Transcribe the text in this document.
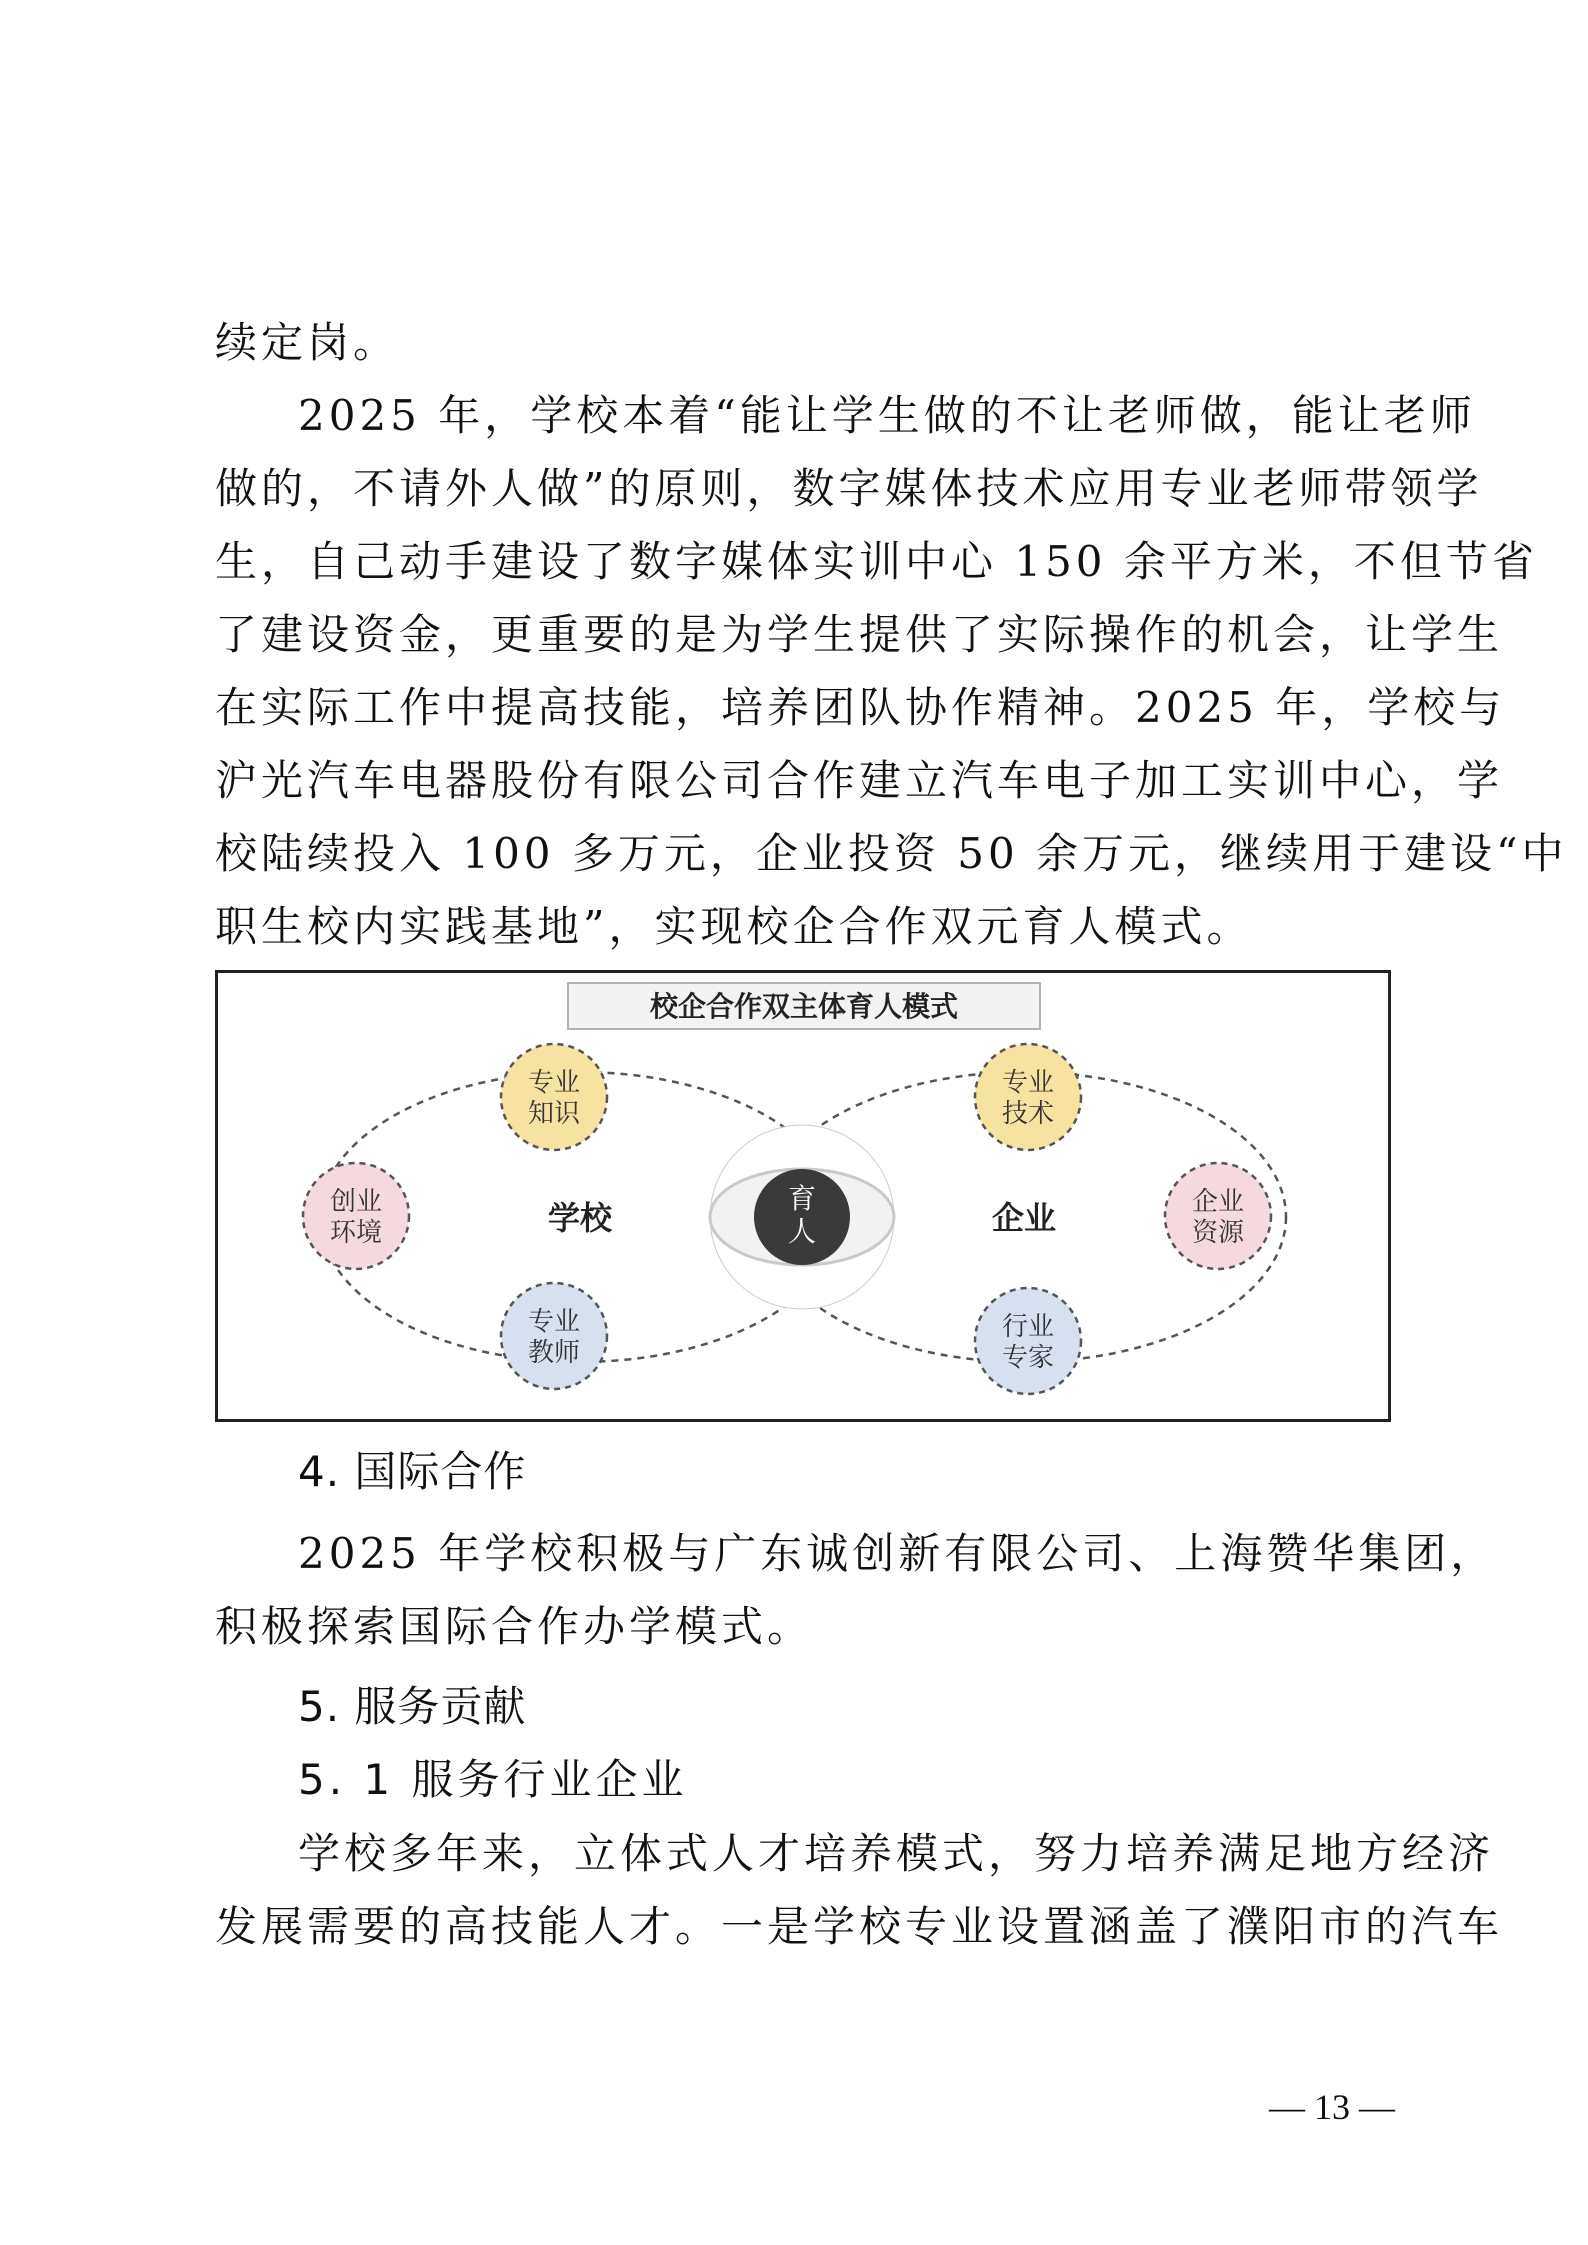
续定岗。
2025 年，学校本着“能让学生做的不让老师做，能让老师
做的，不请外人做”的原则，数字媒体技术应用专业老师带领学
生，自己动手建设了数字媒体实训中心 150 余平方米，不但节省
了建设资金，更重要的是为学生提供了实际操作的机会，让学生
在实际工作中提高技能，培养团队协作精神。2025 年，学校与
沪光汽车电器股份有限公司合作建立汽车电子加工实训中心，学
校陆续投入 100 多万元，企业投资 50 余万元，继续用于建设“中
职生校内实践基地”，实现校企合作双元育人模式。
校企合作双主体育人模式
育
人
学校	企业
专业
知识
创业
环境
专业
教师
专业
技术
企业
资源
行业
专家
4. 国际合作
2025 年学校积极与广东诚创新有限公司、上海赞华集团，
积极探索国际合作办学模式。
5. 服务贡献
5. 1 服务行业企业
学校多年来，立体式人才培养模式，努力培养满足地方经济
发展需要的高技能人才。一是学校专业设置涵盖了濮阳市的汽车
— 13 —
